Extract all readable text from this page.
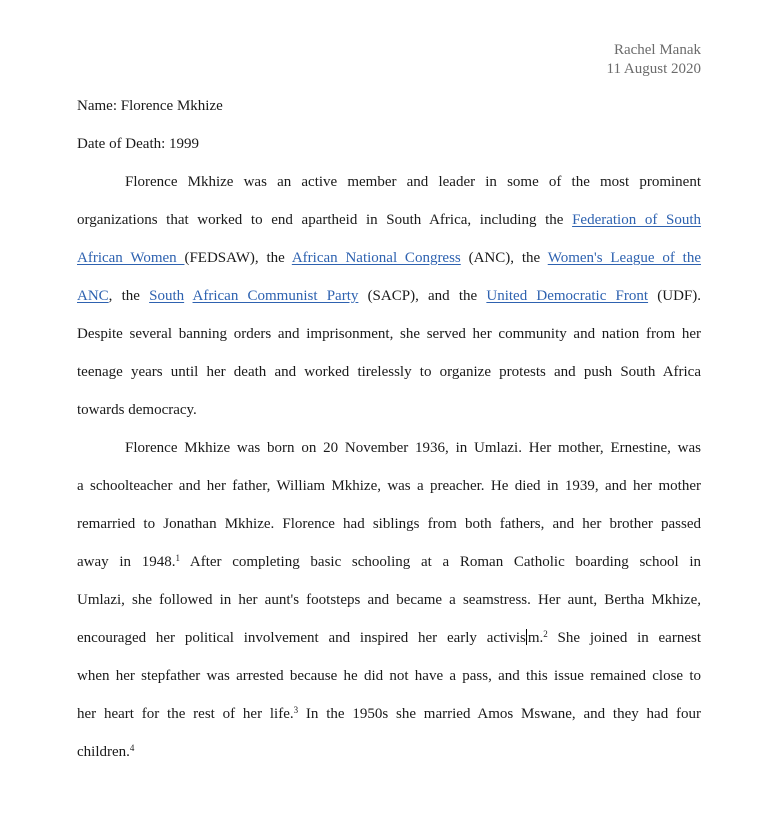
Rachel Manak
11 August 2020
Name: Florence Mkhize
Date of Death: 1999
Florence Mkhize was an active member and leader in some of the most prominent
organizations that worked to end apartheid in South Africa, including the Federation of South
African Women (FEDSAW), the African National Congress (ANC), the Women's League of the
ANC, the South African Communist Party (SACP), and the United Democratic Front (UDF).
Despite several banning orders and imprisonment, she served her community and nation from her
teenage years until her death and worked tirelessly to organize protests and push South Africa
towards democracy.
Florence Mkhize was born on 20 November 1936, in Umlazi. Her mother, Ernestine, was
a schoolteacher and her father, William Mkhize, was a preacher. He died in 1939, and her mother
remarried to Jonathan Mkhize. Florence had siblings from both fathers, and her brother passed
away in 1948.$^1$ After completing basic schooling at a Roman Catholic boarding school in
Umlazi, she followed in her aunt's footsteps and became a seamstress. Her aunt, Bertha Mkhize,
encouraged her political involvement and inspired her early activis m.$^2$ She joined in earnest
when her stepfather was arrested because he did not have a pass, and this issue remained close to
her heart for the rest of her life.$^3$ In the 1950s she married Amos Mswane, and they had four
children.$^4$
